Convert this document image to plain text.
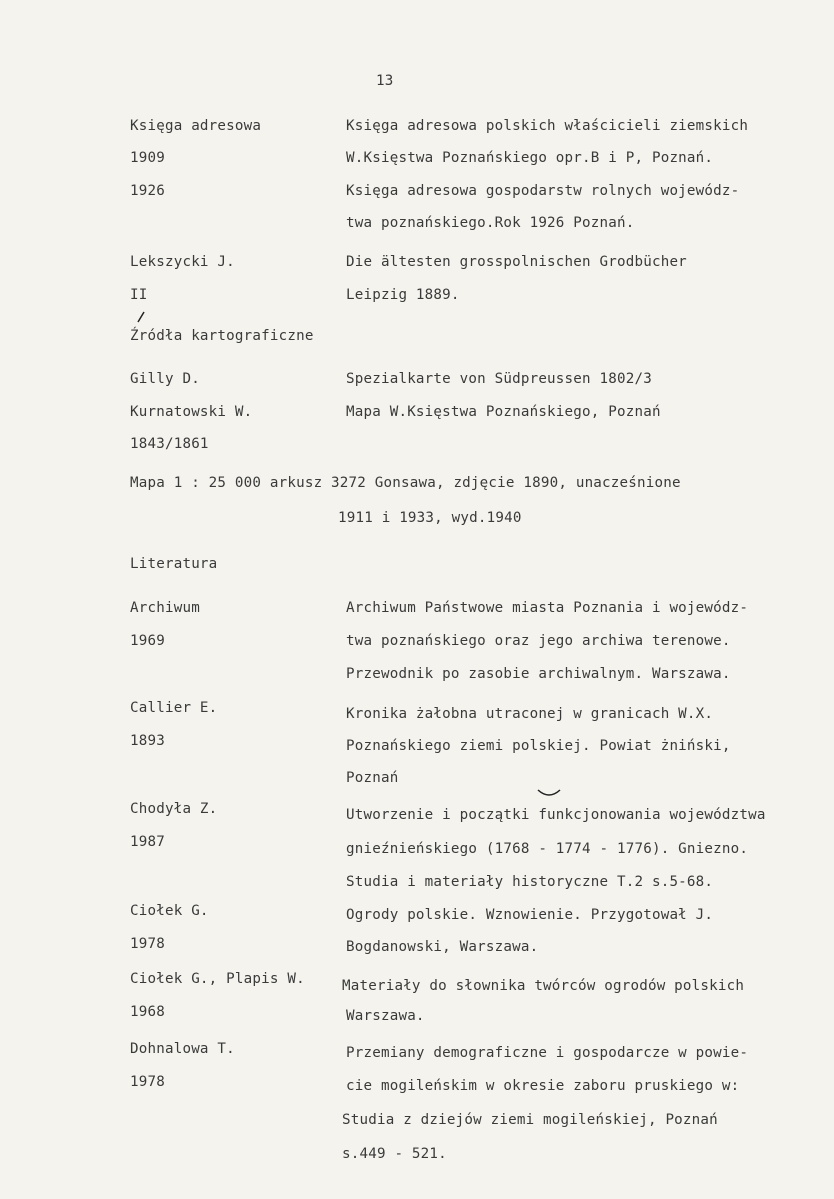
13
Księga adresowa
1909
1926
Księga adresowa polskich właścicieli ziemskich
W.Księstwa Poznańskiego opr.B i P, Poznań.
Księga adresowa gospodarstw rolnych wojewódz-
twa poznańskiego.Rok 1926 Poznań.
Lekszycki J.
II
Die ältesten grosspolnischen Grodbücher
Leipzig 1889.
Źródła kartograficzne
Gilly D.	Spezialkarte von Südpreussen 1802/3
Kurnatowski W.
1843/1861
Mapa W.Księstwa Poznańskiego, Poznań
Mapa 1 : 25 000 arkusz 3272 Gonsawa, zdjęcie 1890, unacześnione
1911 i 1933, wyd.1940
Literatura
Archiwum
1969
Archiwum Państwowe miasta Poznania i wojewódz-
twa poznańskiego oraz jego archiwa terenowe.
Przewodnik po zasobie archiwalnym. Warszawa.
Callier E.
1893
Kronika żałobna utraconej w granicach W.X.
Poznańskiego ziemi polskiej. Powiat żniński,
Poznań
Chodyła Z.
1987
Utworzenie i początki funkcjonowania województwa
gnieźnieńskiego (1768 - 1774 - 1776). Gniezno.
Studia i materiały historyczne T.2 s.5-68.
Ciołek G.
1978
Ogrody polskie. Wznowienie. Przygotował J.
Bogdanowski, Warszawa.
Ciołek G., Plapis W.
1968
Materiały do słownika twórców ogrodów polskich
Warszawa.
Dohnalowa T.
1978
Przemiany demograficzne i gospodarcze w powie-
cie mogileńskim w okresie zaboru pruskiego w:
Studia z dziejów ziemi mogileńskiej, Poznań
s.449 - 521.
